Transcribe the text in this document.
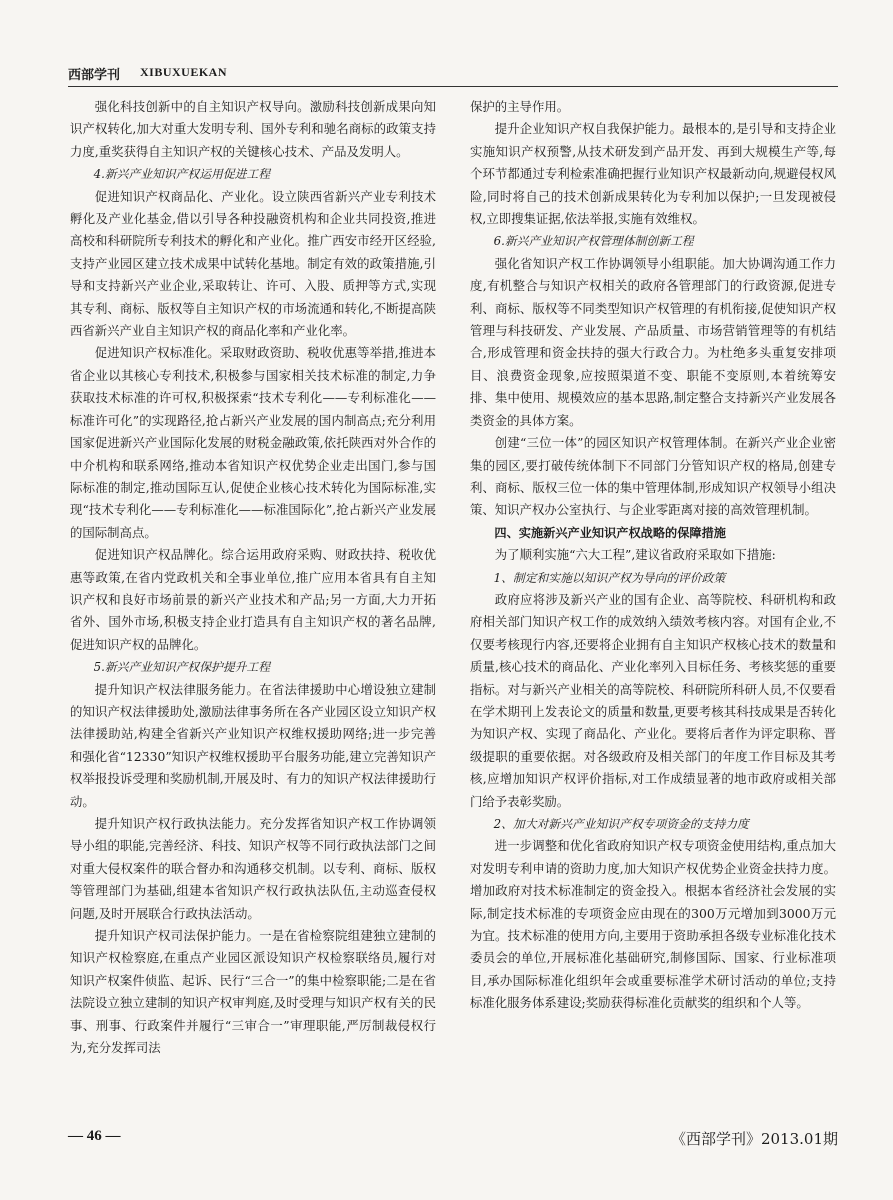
西部学刊 XIBUXUEKAN

强化科技创新中的自主知识产权导向。激励科技创新成果向知识产权转化,加大对重大发明专利、国外专利和驰名商标的政策支持力度,重奖获得自主知识产权的关键核心技术、产品及发明人。

4.新兴产业知识产权运用促进工程

促进知识产权商品化、产业化。设立陕西省新兴产业专利技术孵化及产业化基金,借以引导各种投融资机构和企业共同投资,推进高校和科研院所专利技术的孵化和产业化。推广西安市经开区经验,支持产业园区建立技术成果中试转化基地。制定有效的政策措施,引导和支持新兴产业企业,采取转让、许可、入股、质押等方式,实现其专利、商标、版权等自主知识产权的市场流通和转化,不断提高陕西省新兴产业自主知识产权的商品化率和产业化率。

促进知识产权标准化。采取财政资助、税收优惠等举措,推进本省企业以其核心专利技术,积极参与国家相关技术标准的制定,力争获取技术标准的许可权,积极探索“技术专利化——专利标准化——标准许可化”的实现路径,抢占新兴产业发展的国内制高点;充分利用国家促进新兴产业国际化发展的财税金融政策,依托陕西对外合作的中介机构和联系网络,推动本省知识产权优势企业走出国门,参与国际标准的制定,推动国际互认,促使企业核心技术转化为国际标准,实现“技术专利化——专利标准化——标准国际化”,抢占新兴产业发展的国际制高点。

促进知识产权品牌化。综合运用政府采购、财政扶持、税收优惠等政策,在省内党政机关和全事业单位,推广应用本省具有自主知识产权和良好市场前景的新兴产业技术和产品;另一方面,大力开拓省外、国外市场,积极支持企业打造具有自主知识产权的著名品牌,促进知识产权的品牌化。

5.新兴产业知识产权保护提升工程

提升知识产权法律服务能力。在省法律援助中心增设独立建制的知识产权法律援助处,激励法律事务所在各产业园区设立知识产权法律援助站,构建全省新兴产业知识产权维权援助网络;进一步完善和强化省“12330”知识产权维权援助平台服务功能,建立完善知识产权举报投诉受理和奖励机制,开展及时、有力的知识产权法律援助行动。

提升知识产权行政执法能力。充分发挥省知识产权工作协调领导小组的职能,完善经济、科技、知识产权等不同行政执法部门之间对重大侵权案件的联合督办和沟通移交机制。以专利、商标、版权等管理部门为基础,组建本省知识产权行政执法队伍,主动巡查侵权问题,及时开展联合行政执法活动。

提升知识产权司法保护能力。一是在省检察院组建独立建制的知识产权检察庭,在重点产业园区派设知识产权检察联络员,履行对知识产权案件侦监、起诉、民行“三合一”的集中检察职能;二是在省法院设立独立建制的知识产权审判庭,及时受理与知识产权有关的民事、刑事、行政案件并履行“三审合一”审理职能,严厉制裁侵权行为,充分发挥司法

保护的主导作用。

提升企业知识产权自我保护能力。最根本的,是引导和支持企业实施知识产权预警,从技术研发到产品开发、再到大规模生产等,每个环节都通过专利检索准确把握行业知识产权最新动向,规避侵权风险,同时将自己的技术创新成果转化为专利加以保护;一旦发现被侵权,立即搜集证据,依法举报,实施有效维权。

6.新兴产业知识产权管理体制创新工程

强化省知识产权工作协调领导小组职能。加大协调沟通工作力度,有机整合与知识产权相关的政府各管理部门的行政资源,促进专利、商标、版权等不同类型知识产权管理的有机衔接,促使知识产权管理与科技研发、产业发展、产品质量、市场营销管理等的有机结合,形成管理和资金扶持的强大行政合力。为杜绝多头重复安排项目、浪费资金现象,应按照渠道不变、职能不变原则,本着统筹安排、集中使用、规模效应的基本思路,制定整合支持新兴产业发展各类资金的具体方案。

创建“三位一体”的园区知识产权管理体制。在新兴产业企业密集的园区,要打破传统体制下不同部门分管知识产权的格局,创建专利、商标、版权三位一体的集中管理体制,形成知识产权领导小组决策、知识产权办公室执行、与企业零距离对接的高效管理机制。

四、实施新兴产业知识产权战略的保障措施

为了顺利实施“六大工程”,建议省政府采取如下措施:

1、制定和实施以知识产权为导向的评价政策

政府应将涉及新兴产业的国有企业、高等院校、科研机构和政府相关部门知识产权工作的成效纳入绩效考核内容。对国有企业,不仅要考核现行内容,还要将企业拥有自主知识产权核心技术的数量和质量,核心技术的商品化、产业化率列入目标任务、考核奖惩的重要指标。对与新兴产业相关的高等院校、科研院所科研人员,不仅要看在学术期刊上发表论文的质量和数量,更要考核其科技成果是否转化为知识产权、实现了商品化、产业化。要将后者作为评定职称、晋级提职的重要依据。对各级政府及相关部门的年度工作目标及其考核,应增加知识产权评价指标,对工作成绩显著的地市政府或相关部门给予表彰奖励。

2、加大对新兴产业知识产权专项资金的支持力度

进一步调整和优化省政府知识产权专项资金使用结构,重点加大对发明专利申请的资助力度,加大知识产权优势企业资金扶持力度。增加政府对技术标准制定的资金投入。根据本省经济社会发展的实际,制定技术标准的专项资金应由现在的300万元增加到3000万元为宜。技术标准的使用方向,主要用于资助承担各级专业标准化技术委员会的单位,开展标准化基础研究,制修国际、国家、行业标准项目,承办国际标准化组织年会或重要标准学术研讨活动的单位;支持标准化服务体系建设;奖励获得标准化贡献奖的组织和个人等。

— 46 —	《西部学刊》2013.01期
